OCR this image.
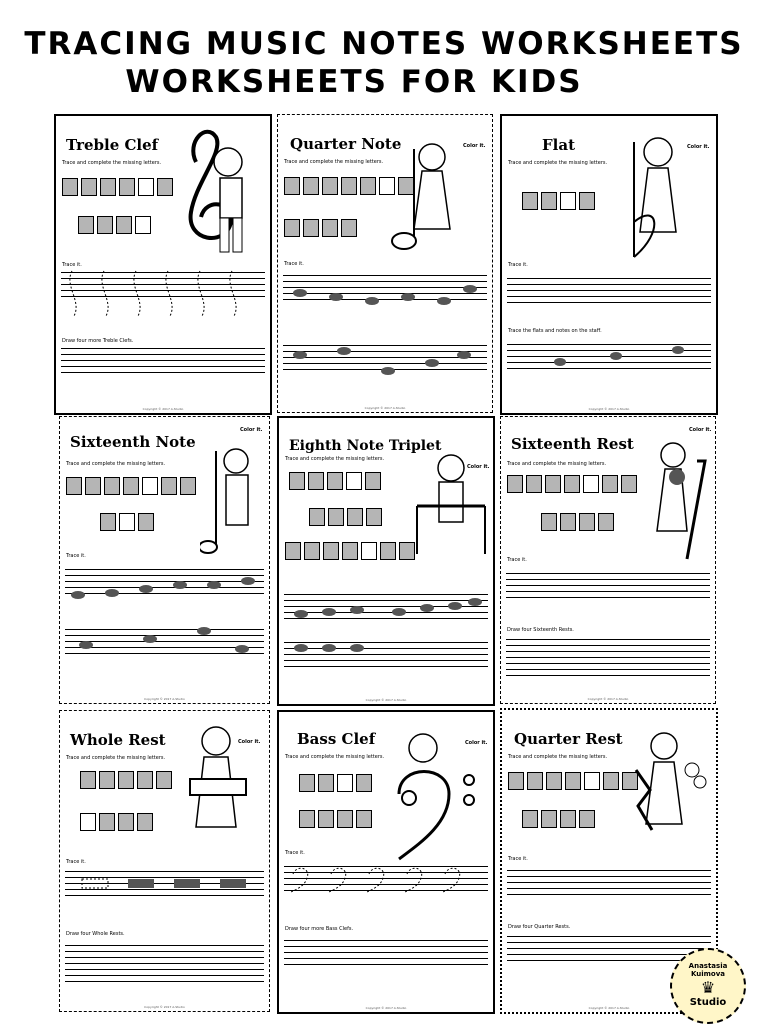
TRACING MUSIC NOTES WORKSHEETS
WORKSHEETS FOR KIDS
Treble Clef
Trace and complete the missing letters.
Trace it.
Draw four more Treble Clefs.
Copyright © 2017 A.Studio
Quarter Note	Color it.
Trace and complete the missing letters.
Trace it.
Copyright © 2017 A.Studio
Flat	Color it.
Trace and complete the missing letters.
Trace it.
Trace the flats and notes on the staff.
Copyright © 2017 A.Studio
Sixteenth Note
Color it.
Trace and complete the missing letters.
Trace it.
Copyright © 2017 A.Studio
Eighth Note Triplet
Color it.
Trace and complete the missing letters.
Copyright © 2017 A.Studio
Sixteenth Rest
Color it.
Trace and complete the missing letters.
Trace it.
Draw four Sixteenth Rests.
Copyright © 2017 A.Studio
Whole Rest	Color it.
Trace and complete the missing letters.
Trace it.
Draw four Whole Rests.
Copyright © 2017 A.Studio
Bass Clef	Color it.
Trace and complete the missing letters.
Trace it.
Draw four more Bass Clefs.
Copyright © 2017 A.Studio
Quarter Rest
Trace and complete the missing letters.
Trace it.
Draw four Quarter Rests.
Copyright © 2017 A.Studio
Anastasia Kuimova
♛
Studio
